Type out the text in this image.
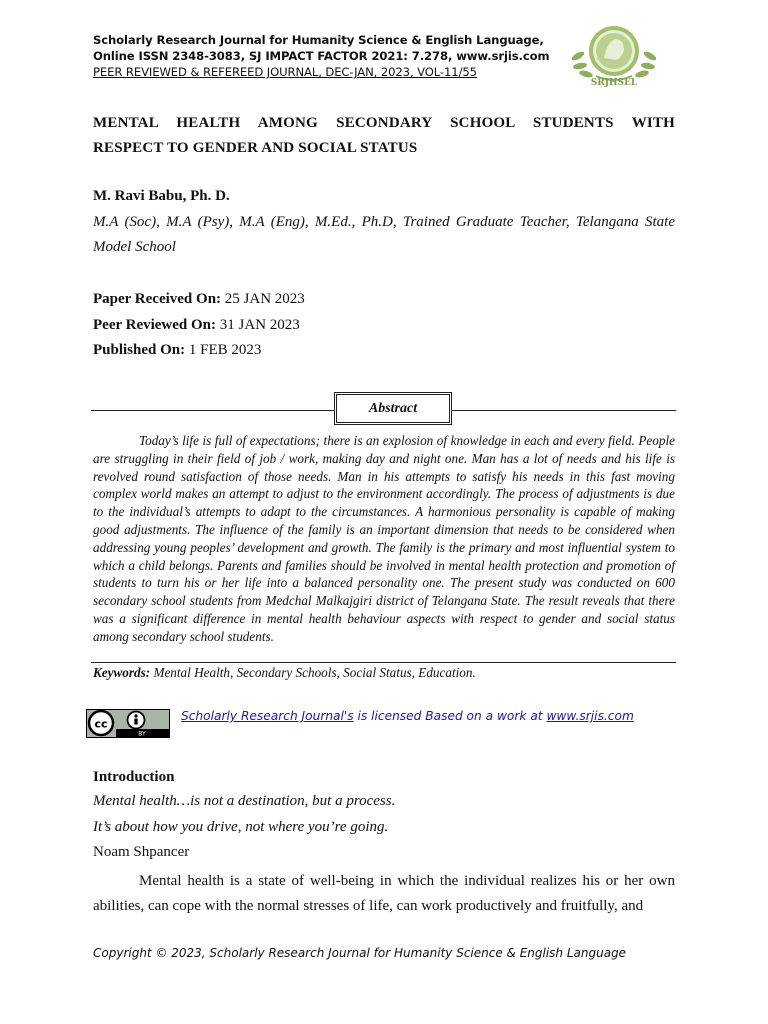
Scholarly Research Journal for Humanity Science & English Language,
Online ISSN 2348-3083, SJ IMPACT FACTOR 2021: 7.278, www.srjis.com
PEER REVIEWED & REFEREED JOURNAL, DEC-JAN, 2023, VOL-11/55
SRJHSEL
MENTAL HEALTH AMONG SECONDARY SCHOOL STUDENTS WITH
RESPECT TO GENDER AND SOCIAL STATUS
M. Ravi Babu, Ph. D.
M.A (Soc), M.A (Psy), M.A (Eng), M.Ed., Ph.D, Trained Graduate Teacher, Telangana State Model School
Paper Received On: 25 JAN 2023
Peer Reviewed On: 31 JAN 2023
Published On: 1 FEB 2023
Abstract
Today’s life is full of expectations; there is an explosion of knowledge in each and every field. People are struggling in their field of job / work, making day and night one. Man has a lot of needs and his life is revolved round satisfaction of those needs. Man in his attempts to satisfy his needs in this fast moving complex world makes an attempt to adjust to the environment accordingly. The process of adjustments is due to the individual’s attempts to adapt to the circumstances. A harmonious personality is capable of making good adjustments. The influence of the family is an important dimension that needs to be considered when addressing young peoples’ development and growth. The family is the primary and most influential system to which a child belongs. Parents and families should be involved in mental health protection and promotion of students to turn his or her life into a balanced personality one. The present study was conducted on 600 secondary school students from Medchal Malkajgiri district of Telangana State. The result reveals that there was a significant difference in mental health behaviour aspects with respect to gender and social status among secondary school students.
Keywords: Mental Health, Secondary Schools, Social Status, Education.
cc
BY
Scholarly Research Journal's is licensed Based on a work at www.srjis.com
Introduction
Mental health…is not a destination, but a process.
It’s about how you drive, not where you’re going.
Noam Shpancer
Mental health is a state of well-being in which the individual realizes his or her own abilities, can cope with the normal stresses of life, can work productively and fruitfully, and
Copyright © 2023, Scholarly Research Journal for Humanity Science & English Language
